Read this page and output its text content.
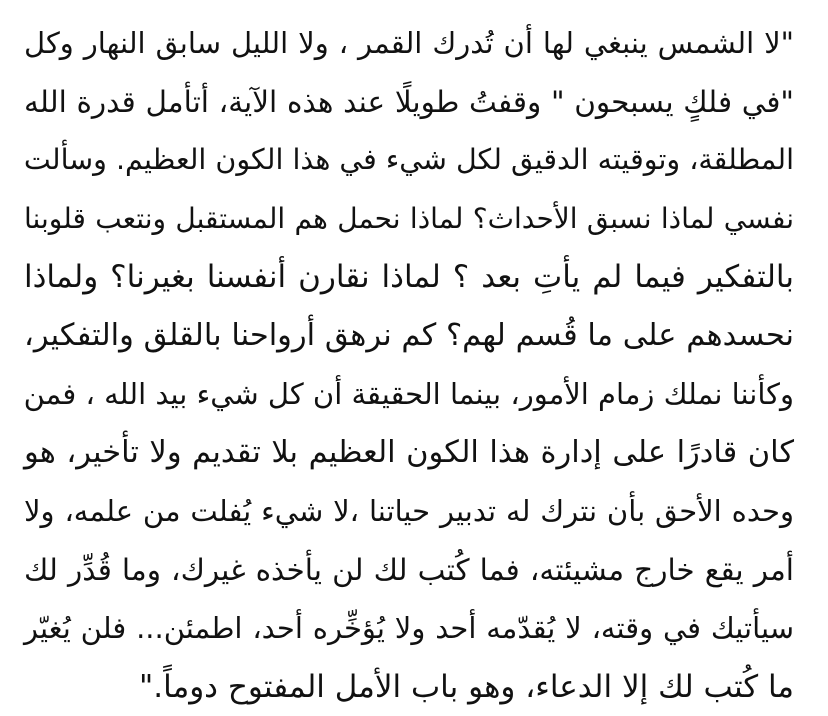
"لا الشمس ينبغي لها أن تُدرك القمر ، ولا الليل سابق النهار وكل
"في فلكٍ يسبحون " وقفتُ طويلًا عند هذه الآية، أتأمل قدرة الله
المطلقة، وتوقيته الدقيق لكل شيء في هذا الكون العظيم. وسألت
نفسي لماذا نسبق الأحداث؟ لماذا نحمل هم المستقبل ونتعب قلوبنا
بالتفكير فيما لم يأتِ بعد ؟ لماذا نقارن أنفسنا بغيرنا؟ ولماذا
نحسدهم على ما قُسم لهم؟ كم نرهق أرواحنا بالقلق والتفكير،
وكأننا نملك زمام الأمور، بينما الحقيقة أن كل شيء بيد الله ، فمن
كان قادرًا على إدارة هذا الكون العظيم بلا تقديم ولا تأخير، هو
وحده الأحق بأن نترك له تدبير حياتنا ،لا شيء يُفلت من علمه، ولا
أمر يقع خارج مشيئته، فما كُتب لك لن يأخذه غيرك، وما قُدِّر لك
سيأتيك في وقته، لا يُقدّمه أحد ولا يُؤخِّره أحد، اطمئن... فلن يُغيّر
ما كُتب لك إلا الدعاء، وهو باب الأمل المفتوح دوماً."
